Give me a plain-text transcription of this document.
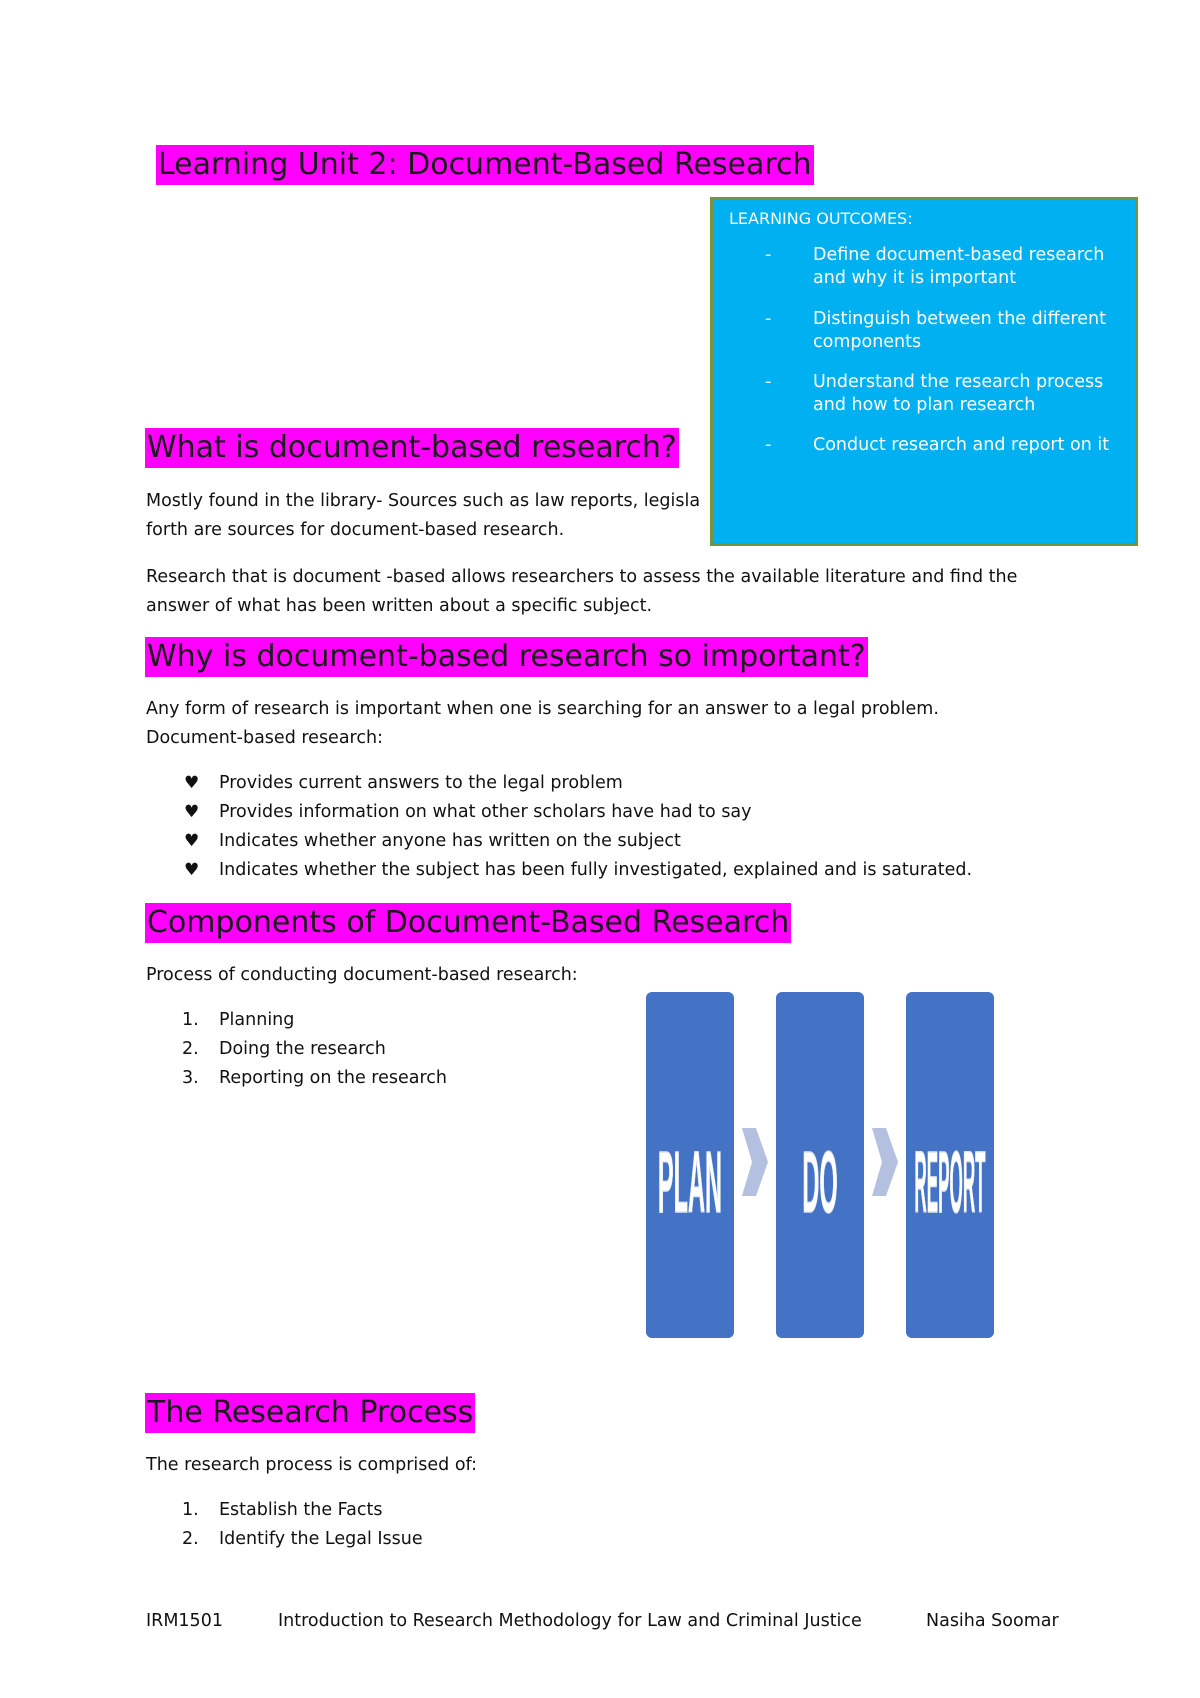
Learning Unit 2: Document-Based Research
LEARNING OUTCOMES:
- Define document-based research
and why it is important
- Distinguish between the different
components
- Understand the research process
and how to plan research
- Conduct research and report on it
What is document-based research?
Mostly found in the library- Sources such as law reports, legisla
forth are sources for document-based research.
Research that is document -based allows researchers to assess the available literature and find the
answer of what has been written about a specific subject.
Why is document-based research so important?
Any form of research is important when one is searching for an answer to a legal problem.
Document-based research:
♥	Provides current answers to the legal problem
♥	Provides information on what other scholars have had to say
♥	Indicates whether anyone has written on the subject
♥	Indicates whether the subject has been fully investigated, explained and is saturated.
Components of Document-Based Research
Process of conducting document-based research:
1.	Planning
2.	Doing the research
3.	Reporting on the research
PLAN DO REPORT
The Research Process
The research process is comprised of:
1.	Establish the Facts
2.	Identify the Legal Issue
IRM1501	Introduction to Research Methodology for Law and Criminal Justice	Nasiha Soomar
